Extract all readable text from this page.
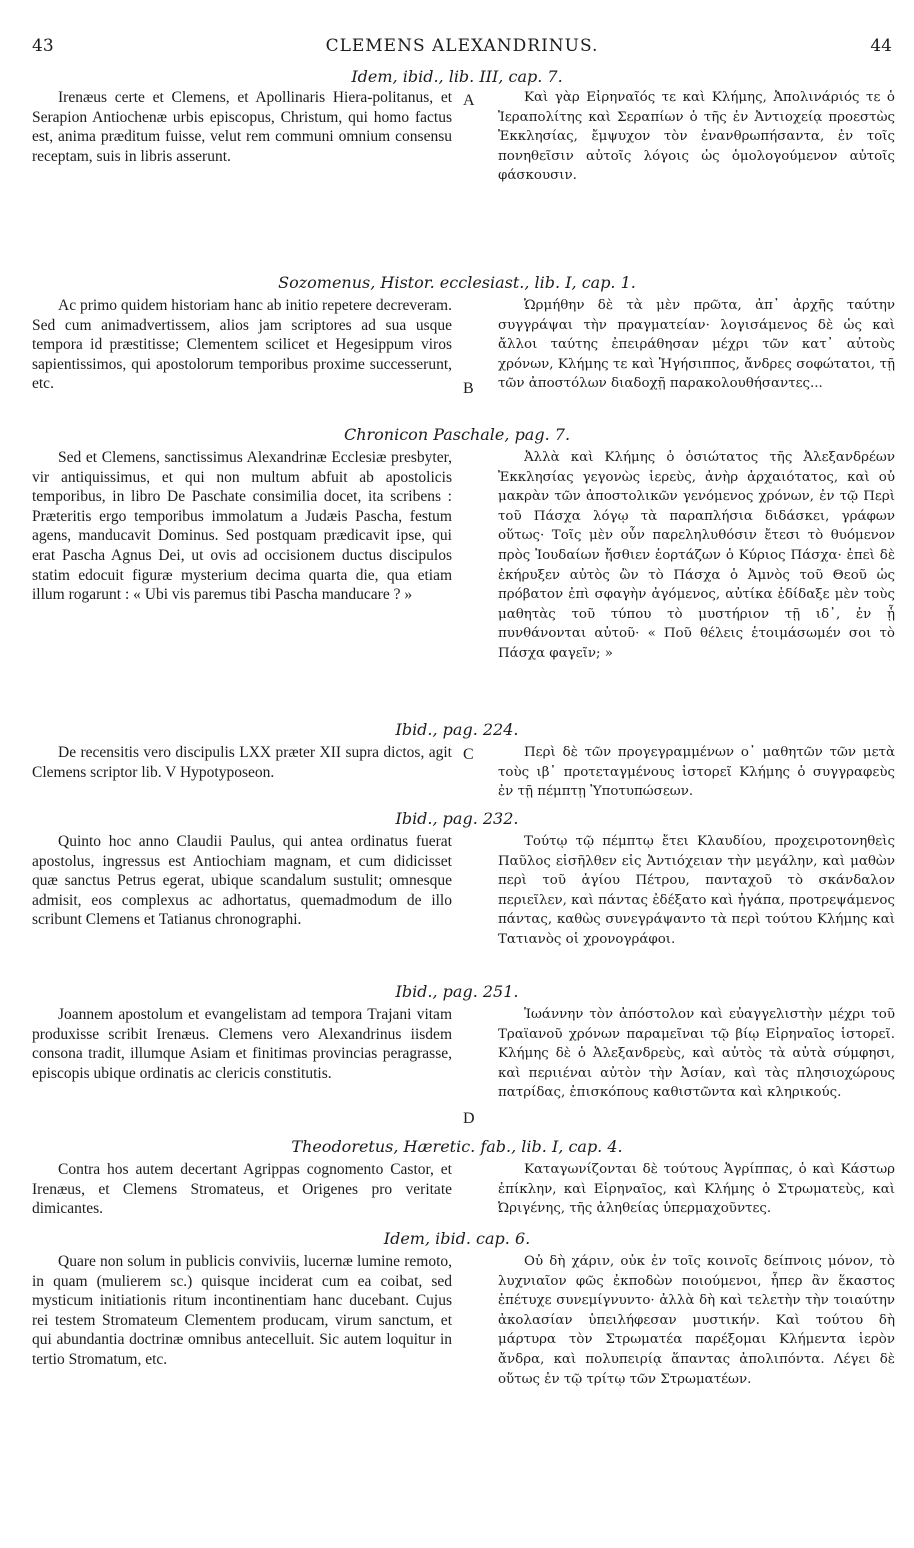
43	CLEMENS ALEXANDRINUS.	44
Idem, ibid., lib. III, cap. 7.

Irenæus certe et Clemens, et Apollinaris Hiera-politanus, et Serapion Antiochenæ urbis episcopus, Christum, qui homo factus est, anima præditum fuisse, velut rem communi omnium consensu receptam, suis in libris asserunt.

Καὶ γὰρ Εἰρηναῖός τε καὶ Κλήμης, Ἀπολινάριός τε ὁ Ἱεραπολίτης καὶ Σεραπίων ὁ τῆς ἐν Ἀντιοχείᾳ προεστὼς Ἐκκλησίας, ἔμψυχον τὸν ἐνανθρωπήσαντα, ἐν τοῖς πονηθεῖσιν αὐτοῖς λόγοις ὡς ὁμολογούμενον αὐτοῖς φάσκουσιν.

Sozomenus, Histor. ecclesiast., lib. I, cap. 1.

Ac primo quidem historiam hanc ab initio repetere decreveram. Sed cum animadvertissem, alios jam scriptores ad sua usque tempora id præstitisse; Clementem scilicet et Hegesippum viros sapientissimos, qui apostolorum temporibus proxime successerunt, etc.

Ὡρμήθην δὲ τὰ μὲν πρῶτα, ἀπ᾽ ἀρχῆς ταύτην συγγράψαι τὴν πραγματείαν· λογισάμενος δὲ ὡς καὶ ἄλλοι ταύτης ἐπειράθησαν μέχρι τῶν κατ᾽ αὐτοὺς χρόνων, Κλήμης τε καὶ Ἡγήσιππος, ἄνδρες σοφώτατοι, τῇ τῶν ἀποστόλων διαδοχῇ παρακολουθήσαντες...

Chronicon Paschale, pag. 7.

Sed et Clemens, sanctissimus Alexandrinæ Ecclesiæ presbyter, vir antiquissimus, et qui non multum abfuit ab apostolicis temporibus, in libro De Paschate consimilia docet, ita scribens : Præteritis ergo temporibus immolatum a Judæis Pascha, festum agens, manducavit Dominus. Sed postquam prædicavit ipse, qui erat Pascha Agnus Dei, ut ovis ad occisionem ductus discipulos statim edocuit figuræ mysterium decima quarta die, qua etiam illum rogarunt : « Ubi vis paremus tibi Pascha manducare ? »

Ἀλλὰ καὶ Κλήμης ὁ ὁσιώτατος τῆς Ἀλεξανδρέων Ἐκκλησίας γεγονὼς ἱερεὺς, ἀνὴρ ἀρχαιότατος, καὶ οὐ μακρὰν τῶν ἀποστολικῶν γενόμενος χρόνων, ἐν τῷ Περὶ τοῦ Πάσχα λόγῳ τὰ παραπλήσια διδάσκει, γράφων οὕτως· Τοῖς μὲν οὖν παρεληλυθόσιν ἔτεσι τὸ θυόμενον πρὸς Ἰουδαίων ἤσθιεν ἑορτάζων ὁ Κύριος Πάσχα· ἐπεὶ δὲ ἐκήρυξεν αὐτὸς ὢν τὸ Πάσχα ὁ Ἀμνὸς τοῦ Θεοῦ ὡς πρόβατον ἐπὶ σφαγὴν ἀγόμενος, αὐτίκα ἐδίδαξε μὲν τοὺς μαθητὰς τοῦ τύπου τὸ μυστήριον τῇ ιδ᾽, ἐν ᾗ πυνθάνονται αὐτοῦ· « Ποῦ θέλεις ἑτοιμάσωμέν σοι τὸ Πάσχα φαγεῖν; »

Ibid., pag. 224.

De recensitis vero discipulis LXX præter XII supra dictos, agit Clemens scriptor lib. V Hypotyposeon.

Περὶ δὲ τῶν προγεγραμμένων ο᾽ μαθητῶν τῶν μετὰ τοὺς ιβ᾽ προτεταγμένους ἱστορεῖ Κλήμης ὁ συγγραφεὺς ἐν τῇ πέμπτῃ Ὑποτυπώσεων.

Ibid., pag. 232.

Quinto hoc anno Claudii Paulus, qui antea ordinatus fuerat apostolus, ingressus est Antiochiam magnam, et cum didicisset quæ sanctus Petrus egerat, ubique scandalum sustulit; omnesque admisit, eos complexus ac adhortatus, quemadmodum de illo scribunt Clemens et Tatianus chronographi.

Τούτῳ τῷ πέμπτῳ ἔτει Κλαυδίου, προχειροτονηθεὶς Παῦλος εἰσῆλθεν εἰς Ἀντιόχειαν τὴν μεγάλην, καὶ μαθὼν περὶ τοῦ ἁγίου Πέτρου, πανταχοῦ τὸ σκάνδαλον περιεῖλεν, καὶ πάντας ἐδέξατο καὶ ἠγάπα, προτρεψάμενος πάντας, καθὼς συνεγράψαντο τὰ περὶ τούτου Κλήμης καὶ Τατιανὸς οἱ χρονογράφοι.

Ibid., pag. 251.

Joannem apostolum et evangelistam ad tempora Trajani vitam produxisse scribit Irenæus. Clemens vero Alexandrinus iisdem consona tradit, illumque Asiam et finitimas provincias peragrasse, episcopis ubique ordinatis ac clericis constitutis.

Ἰωάννην τὸν ἀπόστολον καὶ εὐαγγελιστὴν μέχρι τοῦ Τραϊανοῦ χρόνων παραμεῖναι τῷ βίῳ Εἰρηναῖος ἱστορεῖ. Κλήμης δὲ ὁ Ἀλεξανδρεὺς, καὶ αὐτὸς τὰ αὐτὰ σύμφησι, καὶ περιιέναι αὐτὸν τὴν Ἀσίαν, καὶ τὰς πλησιοχώρους πατρίδας, ἐπισκόπους καθιστῶντα καὶ κληρικούς.

Theodoretus, Hæretic. fab., lib. I, cap. 4.

Contra hos autem decertant Agrippas cognomento Castor, et Irenæus, et Clemens Stromateus, et Origenes pro veritate dimicantes.

Καταγωνίζονται δὲ τούτους Ἀγρίππας, ὁ καὶ Κάστωρ ἐπίκλην, καὶ Εἰρηναῖος, καὶ Κλήμης ὁ Στρωματεὺς, καὶ Ὠριγένης, τῆς ἀληθείας ὑπερμαχοῦντες.

Idem, ibid. cap. 6.

Quare non solum in publicis conviviis, lucernæ lumine remoto, in quam (mulierem sc.) quisque inciderat cum ea coibat, sed mysticum initiationis ritum incontinentiam hanc ducebant. Cujus rei testem Stromateum Clementem producam, virum sanctum, et qui abundantia doctrinæ omnibus antecelluit. Sic autem loquitur in tertio Stromatum, etc.

Οὐ δὴ χάριν, οὐκ ἐν τοῖς κοινοῖς δείπνοις μόνον, τὸ λυχνιαῖον φῶς ἐκποδὼν ποιούμενοι, ἧπερ ἂν ἕκαστος ἐπέτυχε συνεμίγνυντο· ἀλλὰ δὴ καὶ τελετὴν τὴν τοιαύτην ἀκολασίαν ὑπειλήφεσαν μυστικήν. Καὶ τούτου δὴ μάρτυρα τὸν Στρωματέα παρέξομαι Κλήμεντα ἱερὸν ἄνδρα, καὶ πολυπειρίᾳ ἅπαντας ἀπολιπόντα. Λέγει δὲ οὕτως ἐν τῷ τρίτῳ τῶν Στρωματέων.

A
B
C
D
